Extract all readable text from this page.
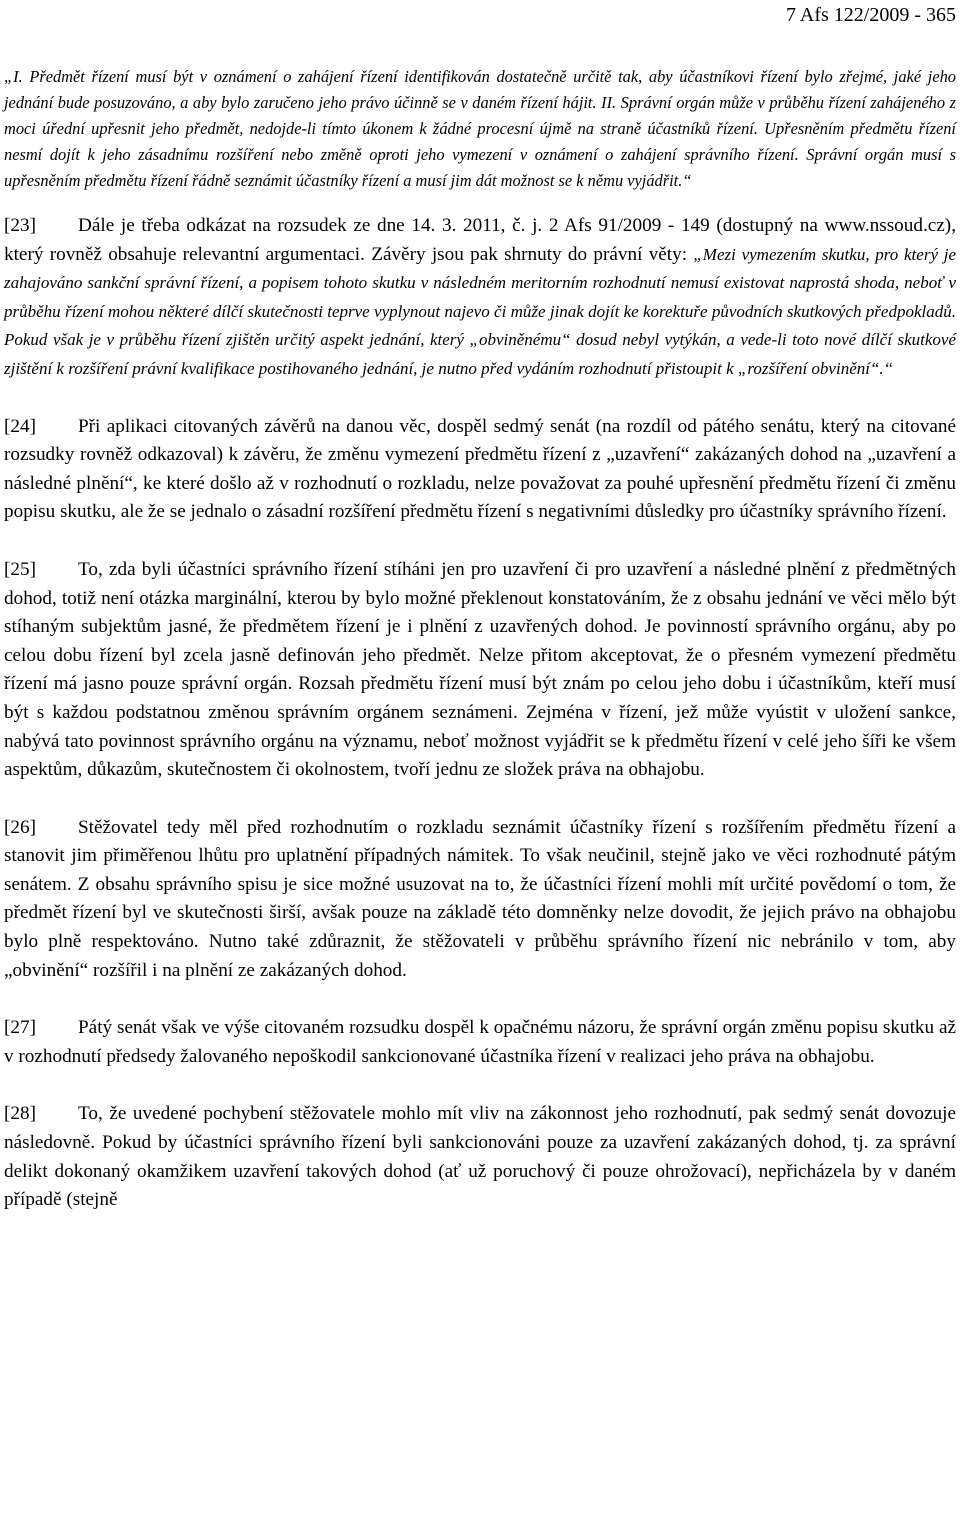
7 Afs 122/2009 - 365
„I. Předmět řízení musí být v oznámení o zahájení řízení identifikován dostatečně určitě tak, aby účastníkovi řízení bylo zřejmé, jaké jeho jednání bude posuzováno, a aby bylo zaručeno jeho právo účinně se v daném řízení hájit. II. Správní orgán může v průběhu řízení zahájeného z moci úřední upřesnit jeho předmět, nedojde-li tímto úkonem k žádné procesní újmě na straně účastníků řízení. Upřesněním předmětu řízení nesmí dojít k jeho zásadnímu rozšíření nebo změně oproti jeho vymezení v oznámení o zahájení správního řízení. Správní orgán musí s upřesněním předmětu řízení řádně seznámit účastníky řízení a musí jim dát možnost se k němu vyjádřit.“
[23] Dále je třeba odkázat na rozsudek ze dne 14. 3. 2011, č. j. 2 Afs 91/2009 - 149 (dostupný na www.nssoud.cz), který rovněž obsahuje relevantní argumentaci. Závěry jsou pak shrnuty do právní věty: „Mezi vymezením skutku, pro který je zahajováno sankční správní řízení, a popisem tohoto skutku v následném meritorním rozhodnutí nemusí existovat naprostá shoda, neboť v průběhu řízení mohou některé dílčí skutečnosti teprve vyplynout najevo či může jinak dojít ke korektuře původních skutkových předpokladů. Pokud však je v průběhu řízení zjištěn určitý aspekt jednání, který „obviněnému“ dosud nebyl vytýkán, a vede-li toto nové dílčí skutkové zjištění k rozšíření právní kvalifikace postihovaného jednání, je nutno před vydáním rozhodnutí přistoupit k „rozšíření obvinění“.“
[24] Při aplikaci citovaných závěrů na danou věc, dospěl sedmý senát (na rozdíl od pátého senátu, který na citované rozsudky rovněž odkazoval) k závěru, že změnu vymezení předmětu řízení z „uzavření“ zakázaných dohod na „uzavření a následné plnění“, ke které došlo až v rozhodnutí o rozkladu, nelze považovat za pouhé upřesnění předmětu řízení či změnu popisu skutku, ale že se jednalo o zásadní rozšíření předmětu řízení s negativními důsledky pro účastníky správního řízení.
[25] To, zda byli účastníci správního řízení stíháni jen pro uzavření či pro uzavření a následné plnění z předmětných dohod, totiž není otázka marginální, kterou by bylo možné překlenout konstatováním, že z obsahu jednání ve věci mělo být stíhaným subjektům jasné, že předmětem řízení je i plnění z uzavřených dohod. Je povinností správního orgánu, aby po celou dobu řízení byl zcela jasně definován jeho předmět. Nelze přitom akceptovat, že o přesném vymezení předmětu řízení má jasno pouze správní orgán. Rozsah předmětu řízení musí být znám po celou jeho dobu i účastníkům, kteří musí být s každou podstatnou změnou správním orgánem seznámeni. Zejména v řízení, jež může vyústit v uložení sankce, nabývá tato povinnost správního orgánu na významu, neboť možnost vyjádřit se k předmětu řízení v celé jeho šíři ke všem aspektům, důkazům, skutečnostem či okolnostem, tvoří jednu ze složek práva na obhajobu.
[26] Stěžovatel tedy měl před rozhodnutím o rozkladu seznámit účastníky řízení s rozšířením předmětu řízení a stanovit jim přiměřenou lhůtu pro uplatnění případných námitek. To však neučinil, stejně jako ve věci rozhodnuté pátým senátem. Z obsahu správního spisu je sice možné usuzovat na to, že účastníci řízení mohli mít určité povědomí o tom, že předmět řízení byl ve skutečnosti širší, avšak pouze na základě této domněnky nelze dovodit, že jejich právo na obhajobu bylo plně respektováno. Nutno také zdůraznit, že stěžovateli v průběhu správního řízení nic nebránilo v tom, aby „obvinění“ rozšířil i na plnění ze zakázaných dohod.
[27] Pátý senát však ve výše citovaném rozsudku dospěl k opačnému názoru, že správní orgán změnu popisu skutku až v rozhodnutí předsedy žalovaného nepoškodil sankcionované účastníka řízení v realizaci jeho práva na obhajobu.
[28] To, že uvedené pochybení stěžovatele mohlo mít vliv na zákonnost jeho rozhodnutí, pak sedmý senát dovozuje následovně. Pokud by účastníci správního řízení byli sankcionováni pouze za uzavření zakázaných dohod, tj. za správní delikt dokonaný okamžikem uzavření takových dohod (ať už poruchový či pouze ohrožovací), nepřicházela by v daném případě (stejně
